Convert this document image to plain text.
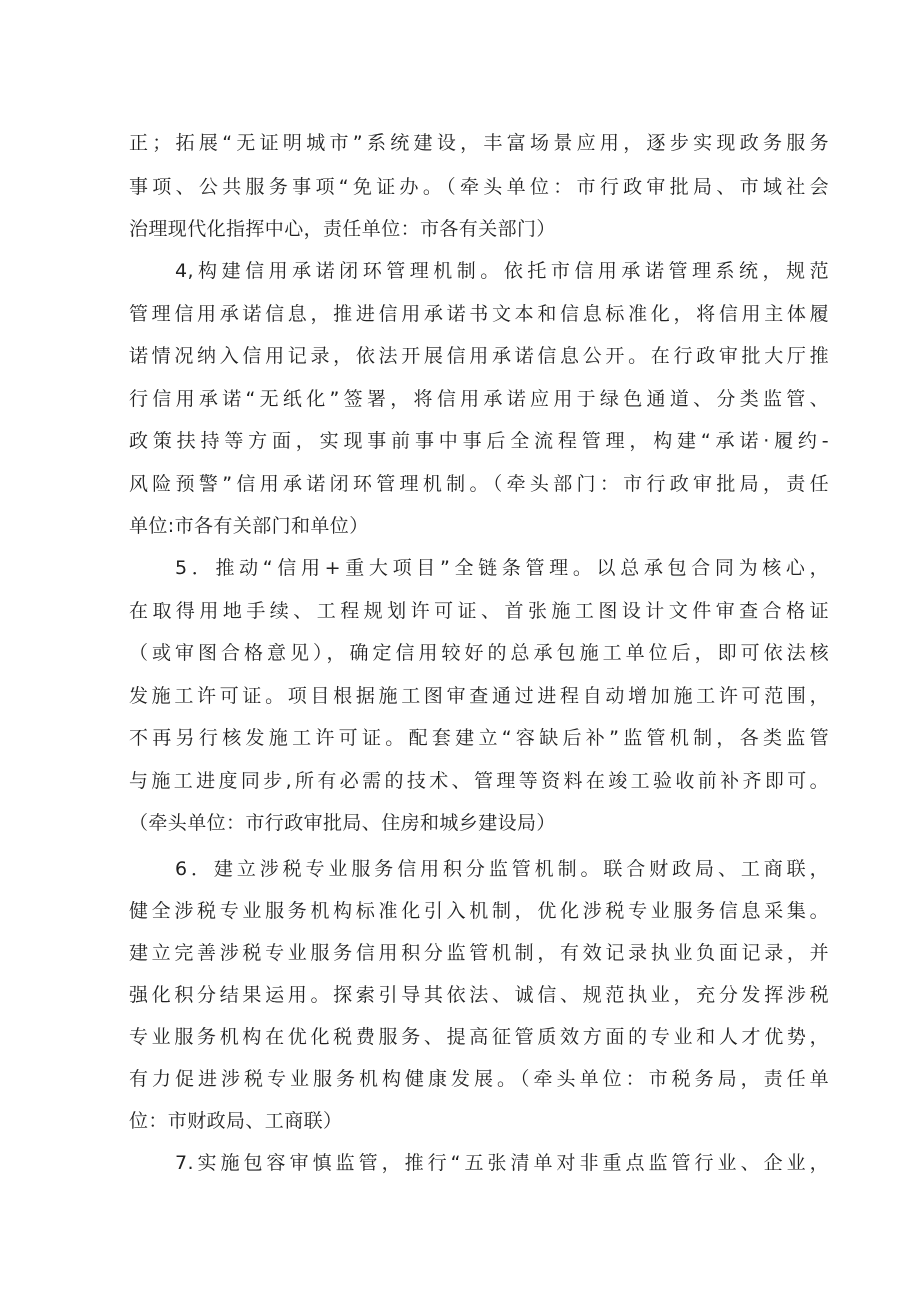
正；拓展“无证明城市”系统建设，丰富场景应用，逐步实现政务服务
事项、公共服务事项“免证办。（牵头单位：市行政审批局、市域社会
治理现代化指挥中心，责任单位：市各有关部门）
4,构建信用承诺闭环管理机制。依托市信用承诺管理系统，规范
管理信用承诺信息，推进信用承诺书文本和信息标准化，将信用主体履
诺情况纳入信用记录，依法开展信用承诺信息公开。在行政审批大厅推
行信用承诺“无纸化”签署，将信用承诺应用于绿色通道、分类监管、
政策扶持等方面，实现事前事中事后全流程管理，构建“承诺·履约-
风险预警”信用承诺闭环管理机制。（牵头部门：市行政审批局，责任
单位:市各有关部门和单位）
5．推动“信用+重大项目”全链条管理。以总承包合同为核心，
在取得用地手续、工程规划许可证、首张施工图设计文件审查合格证
（或审图合格意见），确定信用较好的总承包施工单位后，即可依法核
发施工许可证。项目根据施工图审查通过进程自动增加施工许可范围，
不再另行核发施工许可证。配套建立“容缺后补”监管机制，各类监管
与施工进度同步,所有必需的技术、管理等资料在竣工验收前补齐即可。
（牵头单位：市行政审批局、住房和城乡建设局）
6．建立涉税专业服务信用积分监管机制。联合财政局、工商联，
健全涉税专业服务机构标准化引入机制，优化涉税专业服务信息采集。
建立完善涉税专业服务信用积分监管机制，有效记录执业负面记录，并
强化积分结果运用。探索引导其依法、诚信、规范执业，充分发挥涉税
专业服务机构在优化税费服务、提高征管质效方面的专业和人才优势，
有力促进涉税专业服务机构健康发展。（牵头单位：市税务局，责任单
位：市财政局、工商联）
7.实施包容审慎监管，推行“五张清单对非重点监管行业、企业，
